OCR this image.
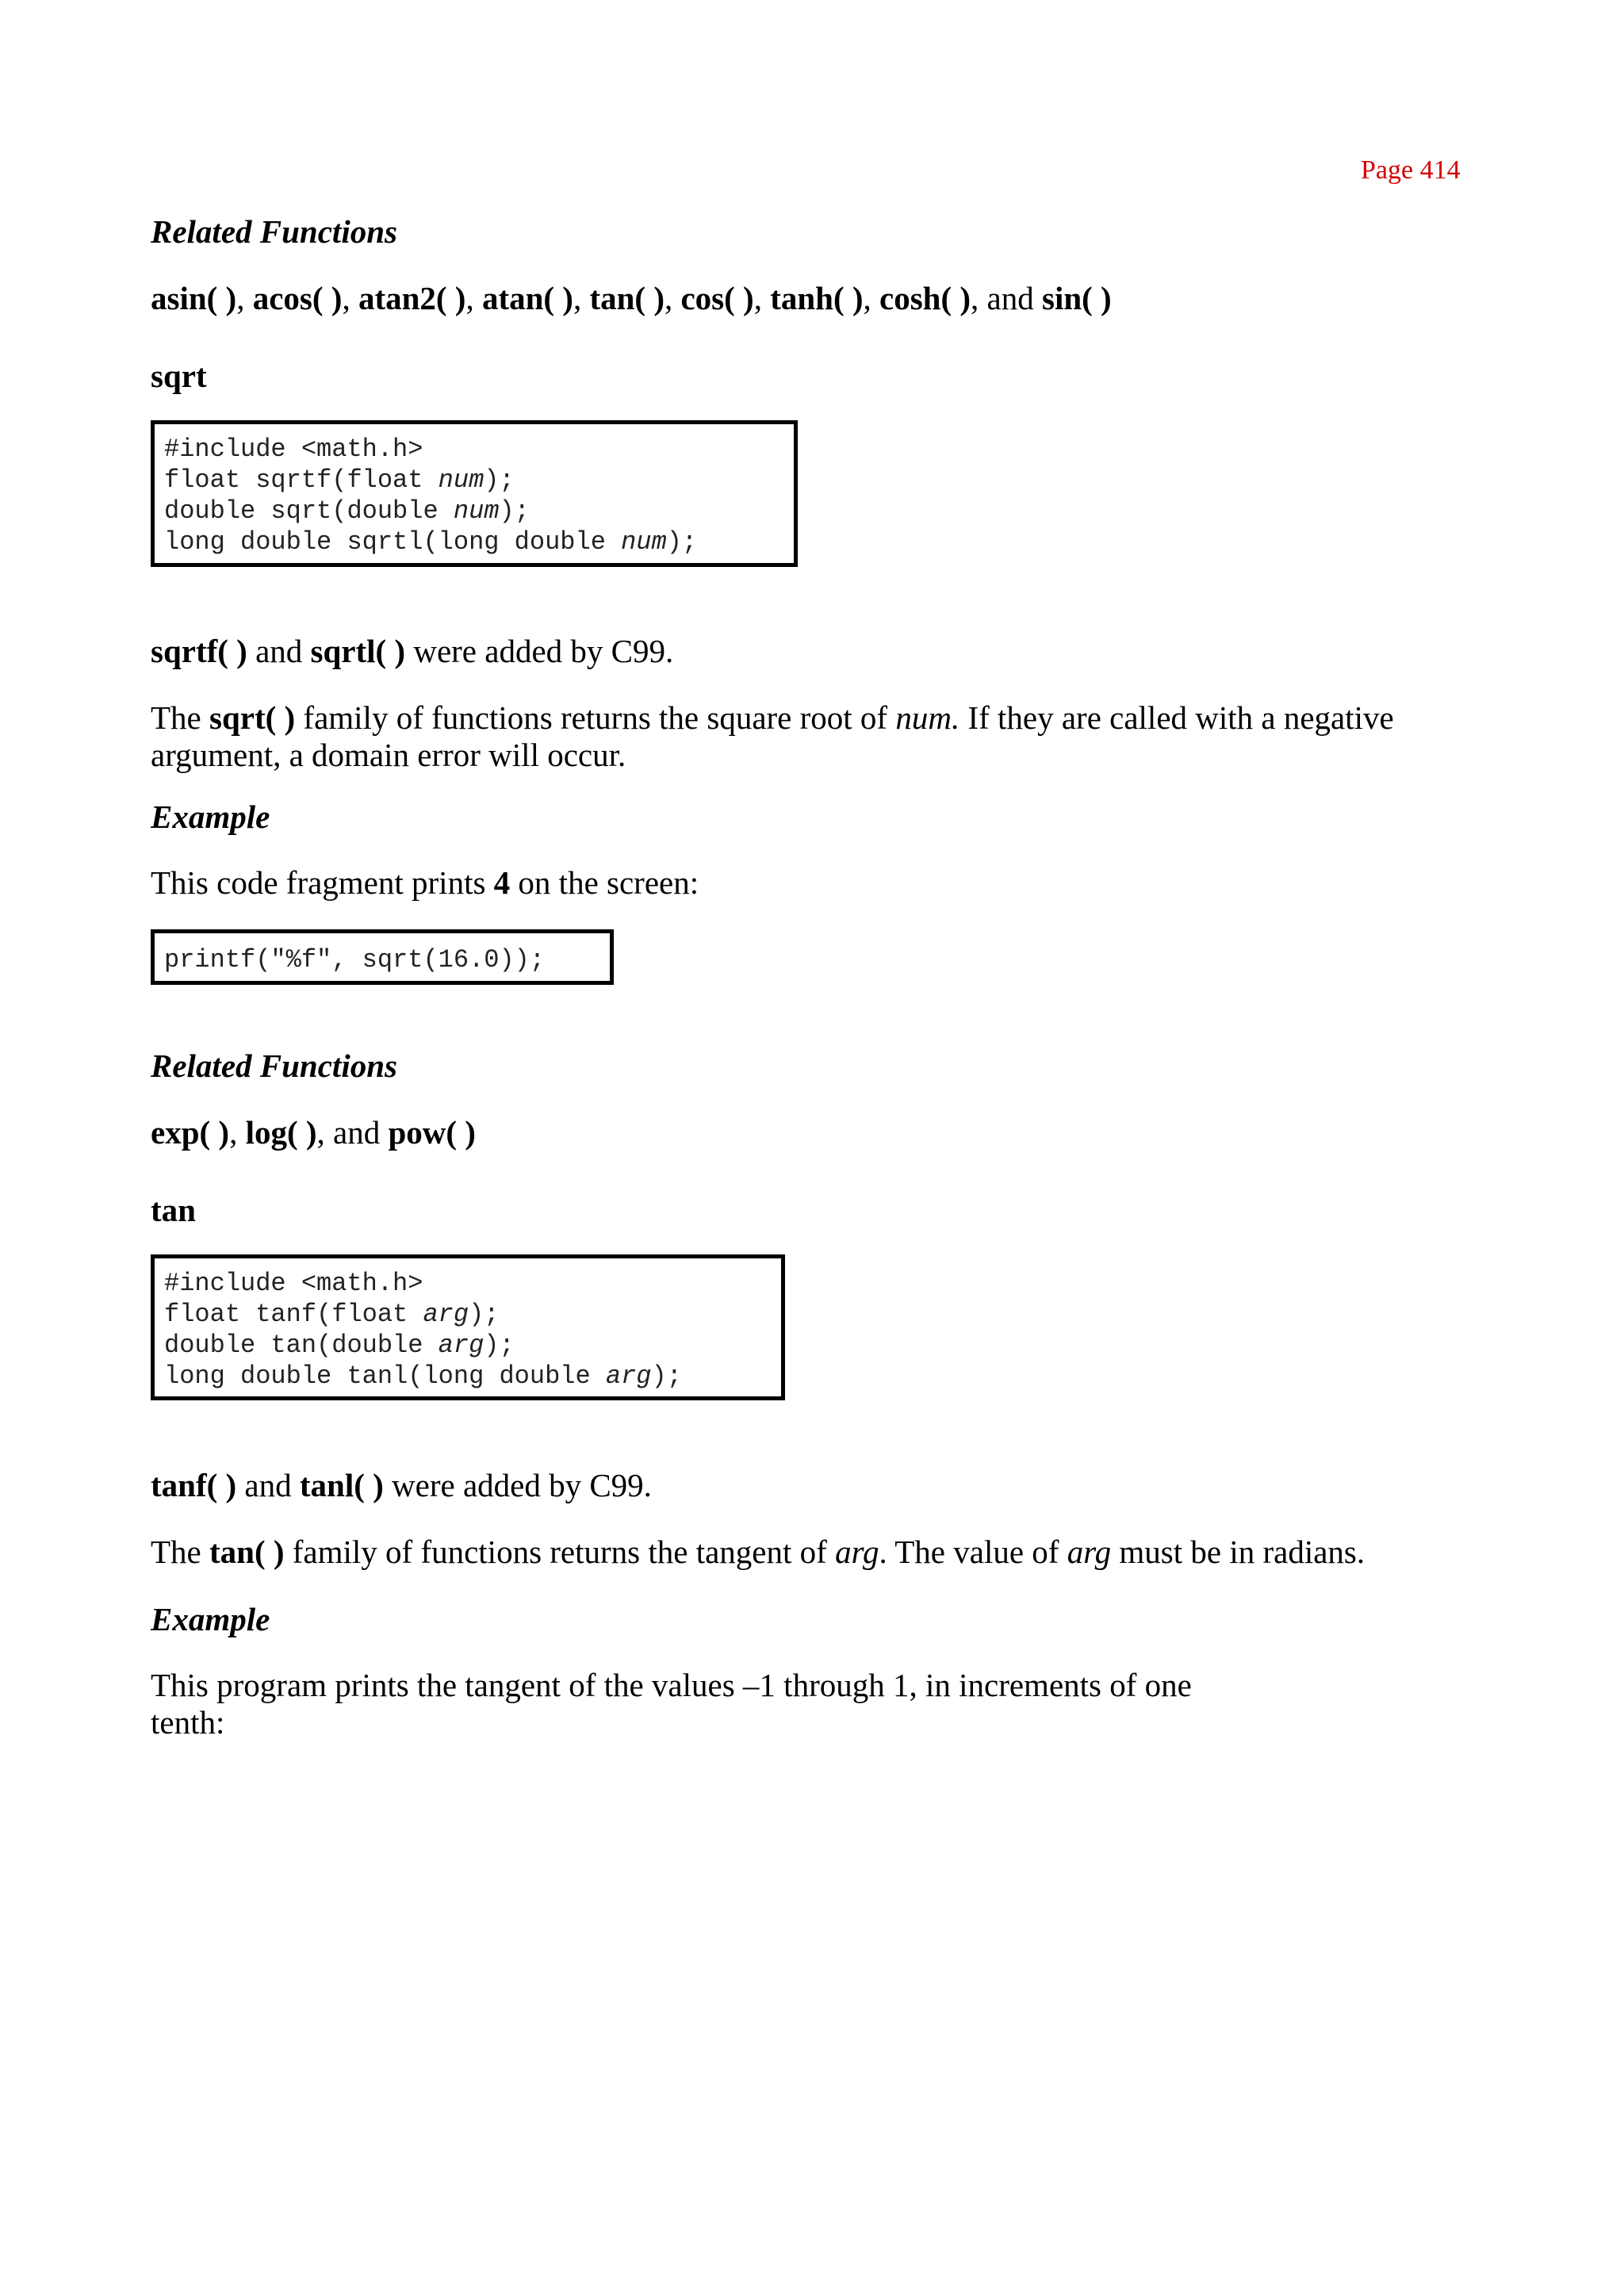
Page 414
Related Functions
asin( ), acos( ), atan2( ), atan( ), tan( ), cos( ), tanh( ), cosh( ), and sin( )
sqrt
#include <math.h>
float sqrtf(float num);
double sqrt(double num);
long double sqrtl(long double num);
sqrtf( ) and sqrtl( ) were added by C99.
The sqrt( ) family of functions returns the square root of num. If they are called with a negative argument, a domain error will occur.
Example
This code fragment prints 4 on the screen:
printf("%f", sqrt(16.0));
Related Functions
exp( ), log( ), and pow( )
tan
#include <math.h>
float tanf(float arg);
double tan(double arg);
long double tanl(long double arg);
tanf( ) and tanl( ) were added by C99.
The tan( ) family of functions returns the tangent of arg. The value of arg must be in radians.
Example
This program prints the tangent of the values –1 through 1, in increments of one tenth:
